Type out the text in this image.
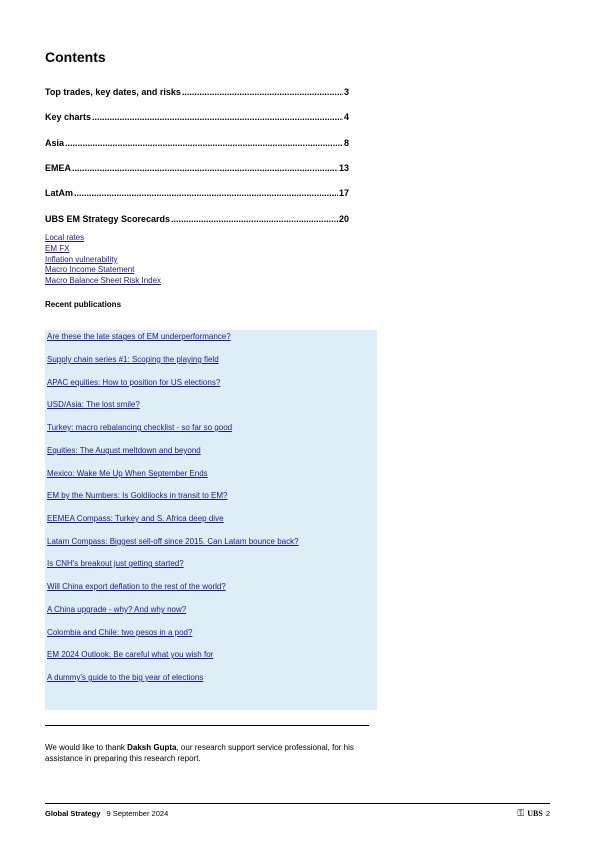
Contents
Top trades, key dates, and risks .....	3
Key charts .....	4
Asia .....	8
EMEA .....	13
LatAm .....	17
UBS EM Strategy Scorecards .....	20
Local rates
EM FX
Inflation vulnerability
Macro Income Statement
Macro Balance Sheet Risk Index
Recent publications
Are these the late stages of EM underperformance?
Supply chain series #1: Scoping the playing field
APAC equities: How to position for US elections?
USD/Asia: The lost smile?
Turkey: macro rebalancing checklist - so far so good
Equities: The August meltdown and beyond
Mexico: Wake Me Up When September Ends
EM by the Numbers: Is Goldilocks in transit to EM?
EEMEA Compass: Turkey and S. Africa deep dive
Latam Compass: Biggest sell-off since 2015. Can Latam bounce back?
Is CNH's breakout just getting started?
Will China export deflation to the rest of the world?
A China upgrade - why? And why now?
Colombia and Chile: two pesos in a pod?
EM 2024 Outlook: Be careful what you wish for
A dummy's guide to the big year of elections
We would like to thank Daksh Gupta, our research support service professional, for his assistance in preparing this research report.
Global Strategy 9 September 2024	⚿ UBS 2
